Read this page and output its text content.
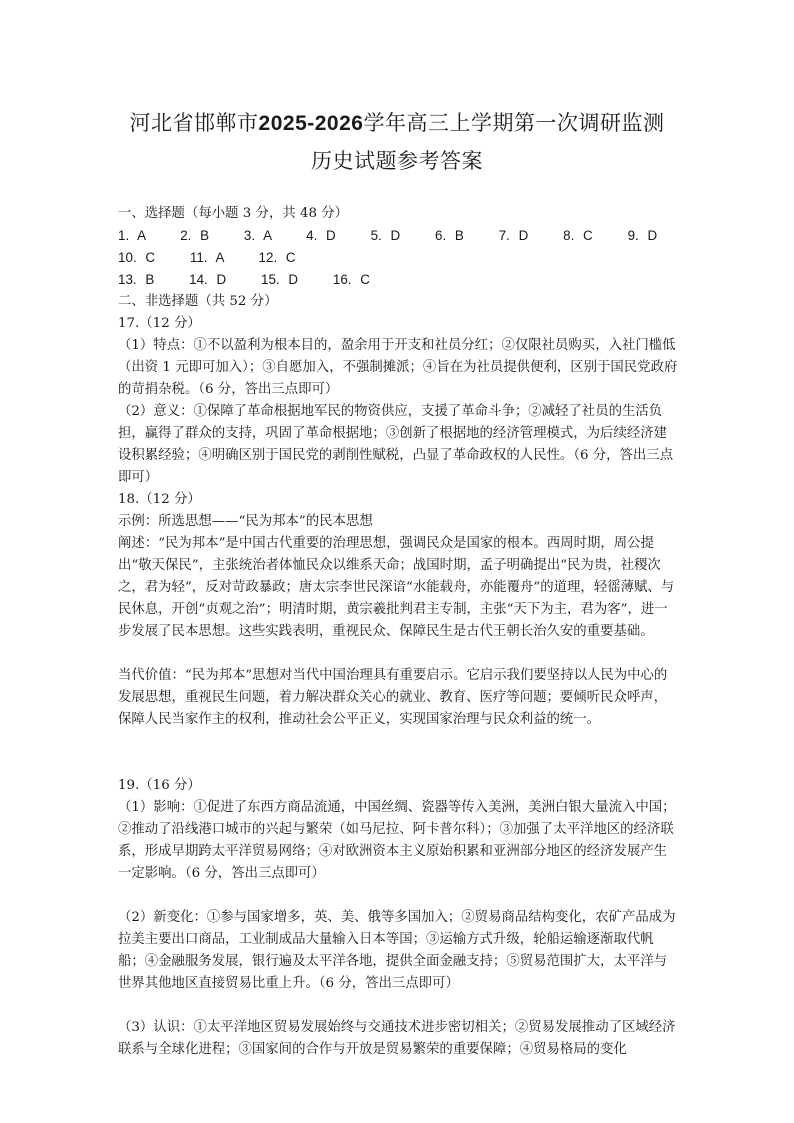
河北省邯郸市2025-2026学年高三上学期第一次调研监测
历史试题参考答案

一、选择题（每小题 3 分，共 48 分）

1. A    2. B    3. A    4. D    5. D    6. B    7. D    8. C    9. D    10. C    11. A    12. C

13. B    14. D    15. D    16. C

二、非选择题（共 52 分）

17.（12 分）

（1）特点：①不以盈利为根本目的，盈余用于开支和社员分红；②仅限社员购买，入社门槛低（出资 1 元即可加入）；③自愿加入，不强制摊派；④旨在为社员提供便利，区别于国民党政府的苛捐杂税。（6 分，答出三点即可）

（2）意义：①保障了革命根据地军民的物资供应，支援了革命斗争；②减轻了社员的生活负担，赢得了群众的支持，巩固了革命根据地；③创新了根据地的经济管理模式，为后续经济建设积累经验；④明确区别于国民党的剥削性赋税，凸显了革命政权的人民性。（6 分，答出三点即可）

18.（12 分）

示例：所选思想——“民为邦本”的民本思想

阐述：“民为邦本”是中国古代重要的治理思想，强调民众是国家的根本。西周时期，周公提出“敬天保民”，主张统治者体恤民众以维系天命；战国时期，孟子明确提出“民为贵，社稷次之，君为轻”，反对苛政暴政；唐太宗李世民深谙“水能载舟，亦能覆舟”的道理，轻徭薄赋、与民休息，开创“贞观之治”；明清时期，黄宗羲批判君主专制，主张“天下为主，君为客”，进一步发展了民本思想。这些实践表明，重视民众、保障民生是古代王朝长治久安的重要基础。

当代价值：“民为邦本”思想对当代中国治理具有重要启示。它启示我们要坚持以人民为中心的发展思想，重视民生问题，着力解决群众关心的就业、教育、医疗等问题；要倾听民众呼声，保障人民当家作主的权利，推动社会公平正义，实现国家治理与民众利益的统一。

19.（16 分）

（1）影响：①促进了东西方商品流通，中国丝绸、瓷器等传入美洲，美洲白银大量流入中国；②推动了沿线港口城市的兴起与繁荣（如马尼拉、阿卡普尔科）；③加强了太平洋地区的经济联系，形成早期跨太平洋贸易网络；④对欧洲资本主义原始积累和亚洲部分地区的经济发展产生一定影响。（6 分，答出三点即可）

（2）新变化：①参与国家增多，英、美、俄等多国加入；②贸易商品结构变化，农矿产品成为拉美主要出口商品，工业制成品大量输入日本等国；③运输方式升级，轮船运输逐渐取代帆船；④金融服务发展，银行遍及太平洋各地，提供全面金融支持；⑤贸易范围扩大，太平洋与世界其他地区直接贸易比重上升。（6 分，答出三点即可）

（3）认识：①太平洋地区贸易发展始终与交通技术进步密切相关；②贸易发展推动了区域经济联系与全球化进程；③国家间的合作与开放是贸易繁荣的重要保障；④贸易格局的变化
